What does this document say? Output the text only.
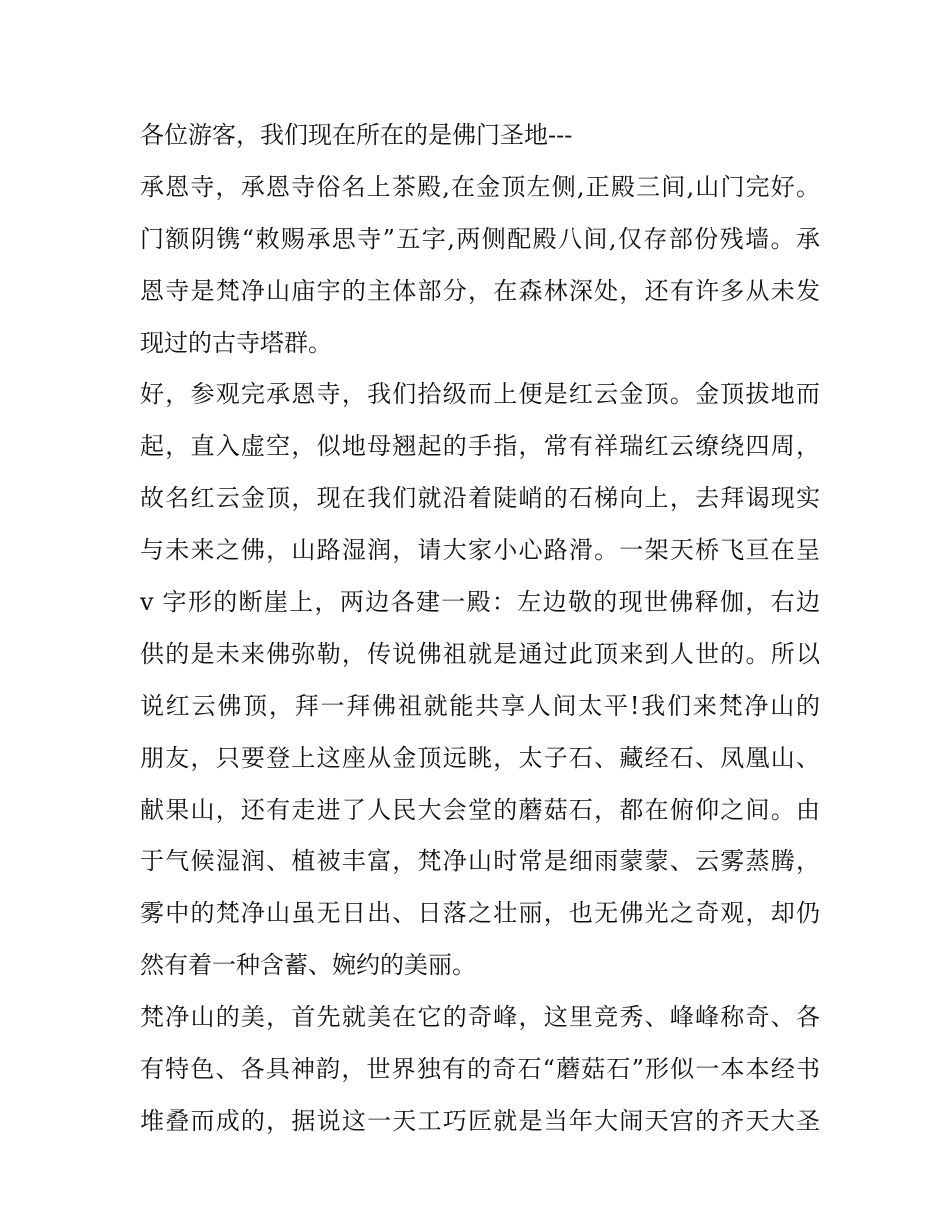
各位游客，我们现在所在的是佛门圣地---
承恩寺，承恩寺俗名上茶殿,在金顶左侧,正殿三间,山门完好。
门额阴镌“敕赐承思寺”五字,两侧配殿八间,仅存部份残墙。承
恩寺是梵净山庙宇的主体部分，在森林深处，还有许多从未发
现过的古寺塔群。
好，参观完承恩寺，我们拾级而上便是红云金顶。金顶拔地而
起，直入虚空，似地母翘起的手指，常有祥瑞红云缭绕四周，
故名红云金顶，现在我们就沿着陡峭的石梯向上，去拜谒现实
与未来之佛，山路湿润，请大家小心路滑。一架天桥飞亘在呈
v 字形的断崖上，两边各建一殿：左边敬的现世佛释伽，右边
供的是未来佛弥勒，传说佛祖就是通过此顶来到人世的。所以
说红云佛顶，拜一拜佛祖就能共享人间太平!我们来梵净山的
朋友，只要登上这座从金顶远眺，太子石、藏经石、凤凰山、
献果山，还有走进了人民大会堂的蘑菇石，都在俯仰之间。由
于气候湿润、植被丰富，梵净山时常是细雨蒙蒙、云雾蒸腾，
雾中的梵净山虽无日出、日落之壮丽，也无佛光之奇观，却仍
然有着一种含蓄、婉约的美丽。
梵净山的美，首先就美在它的奇峰，这里竞秀、峰峰称奇、各
有特色、各具神韵，世界独有的奇石“蘑菇石”形似一本本经书
堆叠而成的，据说这一天工巧匠就是当年大闹天宫的齐天大圣
